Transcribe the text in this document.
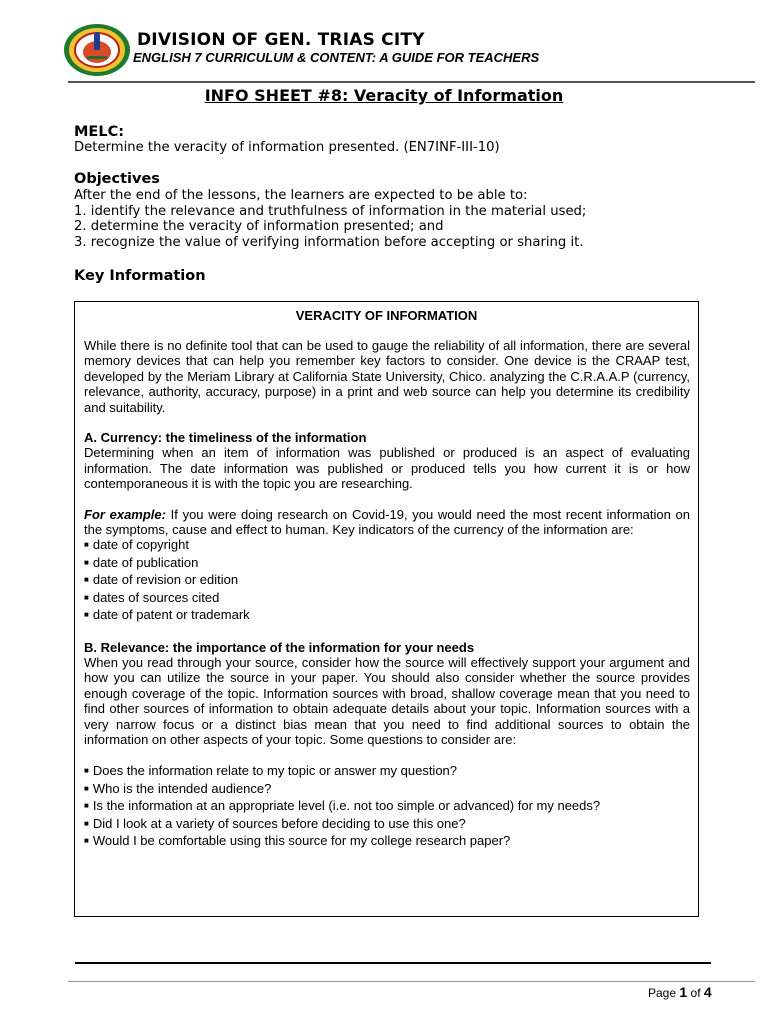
DIVISION OF GEN. TRIAS CITY
ENGLISH 7 CURRICULUM & CONTENT: A GUIDE FOR TEACHERS
INFO SHEET #8: Veracity of Information
MELC:
Determine the veracity of information presented. (EN7INF-III-10)
Objectives
After the end of the lessons, the learners are expected to be able to:
1. identify the relevance and truthfulness of information in the material used;
2. determine the veracity of information presented; and
3. recognize the value of verifying information before accepting or sharing it.
Key Information
VERACITY OF INFORMATION

While there is no definite tool that can be used to gauge the reliability of all information, there are several memory devices that can help you remember key factors to consider. One device is the CRAAP test, developed by the Meriam Library at California State University, Chico. analyzing the C.R.A.A.P (currency, relevance, authority, accuracy, purpose) in a print and web source can help you determine its credibility and suitability.

A. Currency: the timeliness of the information

Determining when an item of information was published or produced is an aspect of evaluating information. The date information was published or produced tells you how current it is or how contemporaneous it is with the topic you are researching.

For example: If you were doing research on Covid-19, you would need the most recent information on the symptoms, cause and effect to human. Key indicators of the currency of the information are:

■ date of copyright
■ date of publication
■ date of revision or edition
■ dates of sources cited
■ date of patent or trademark
B. Relevance: the importance of the information for your needs

When you read through your source, consider how the source will effectively support your argument and how you can utilize the source in your paper. You should also consider whether the source provides enough coverage of the topic. Information sources with broad, shallow coverage mean that you need to find other sources of information to obtain adequate details about your topic. Information sources with a very narrow focus or a distinct bias mean that you need to find additional sources to obtain the information on other aspects of your topic. Some questions to consider are:

■ Does the information relate to my topic or answer my question?
■ Who is the intended audience?
■ Is the information at an appropriate level (i.e. not too simple or advanced) for my needs?
■ Did I look at a variety of sources before deciding to use this one?
■ Would I be comfortable using this source for my college research paper?
Page 1 of 4
